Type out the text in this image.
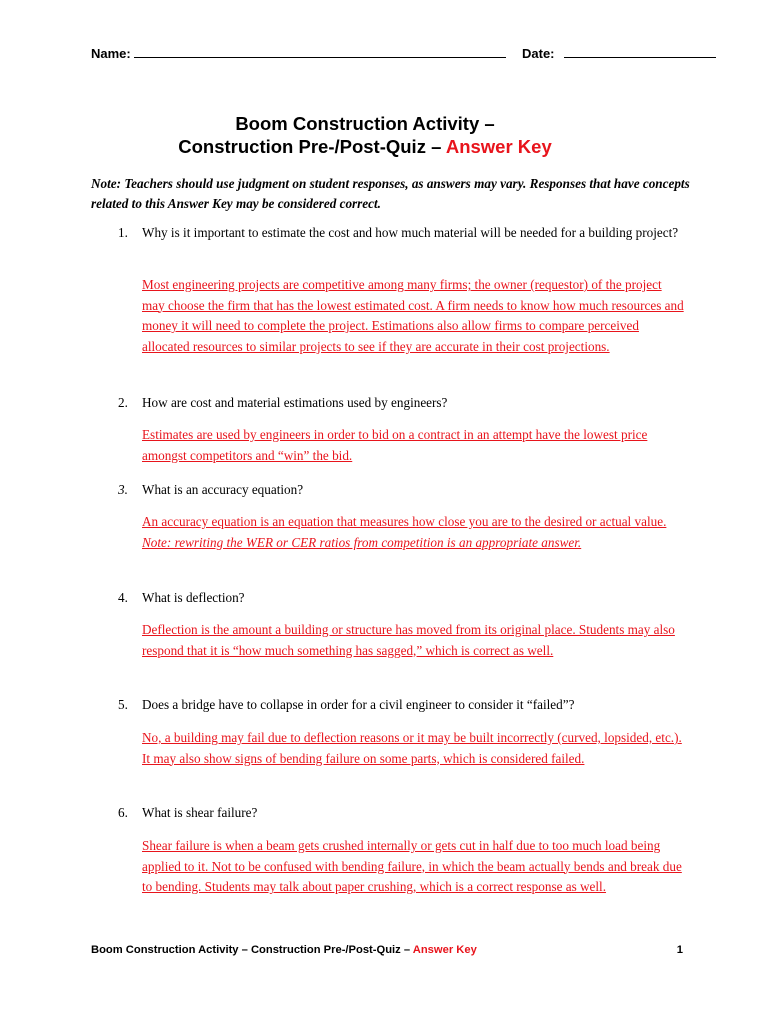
Name:	Date:
Boom Construction Activity –
Construction Pre-/Post-Quiz – Answer Key
Note: Teachers should use judgment on student responses, as answers may vary. Responses that have concepts related to this Answer Key may be considered correct.
1. Why is it important to estimate the cost and how much material will be needed for a building project?
Most engineering projects are competitive among many firms; the owner (requestor) of the project may choose the firm that has the lowest estimated cost. A firm needs to know how much resources and money it will need to complete the project. Estimations also allow firms to compare perceived allocated resources to similar projects to see if they are accurate in their cost projections.
2. How are cost and material estimations used by engineers?
Estimates are used by engineers in order to bid on a contract in an attempt have the lowest price amongst competitors and “win” the bid.
3. What is an accuracy equation?
An accuracy equation is an equation that measures how close you are to the desired or actual value. Note: rewriting the WER or CER ratios from competition is an appropriate answer.
4. What is deflection?
Deflection is the amount a building or structure has moved from its original place. Students may also respond that it is “how much something has sagged,” which is correct as well.
5. Does a bridge have to collapse in order for a civil engineer to consider it “failed”?
No, a building may fail due to deflection reasons or it may be built incorrectly (curved, lopsided, etc.). It may also show signs of bending failure on some parts, which is considered failed.
6. What is shear failure?
Shear failure is when a beam gets crushed internally or gets cut in half due to too much load being applied to it. Not to be confused with bending failure, in which the beam actually bends and break due to bending. Students may talk about paper crushing, which is a correct response as well.
Boom Construction Activity – Construction Pre-/Post-Quiz – Answer Key	1
